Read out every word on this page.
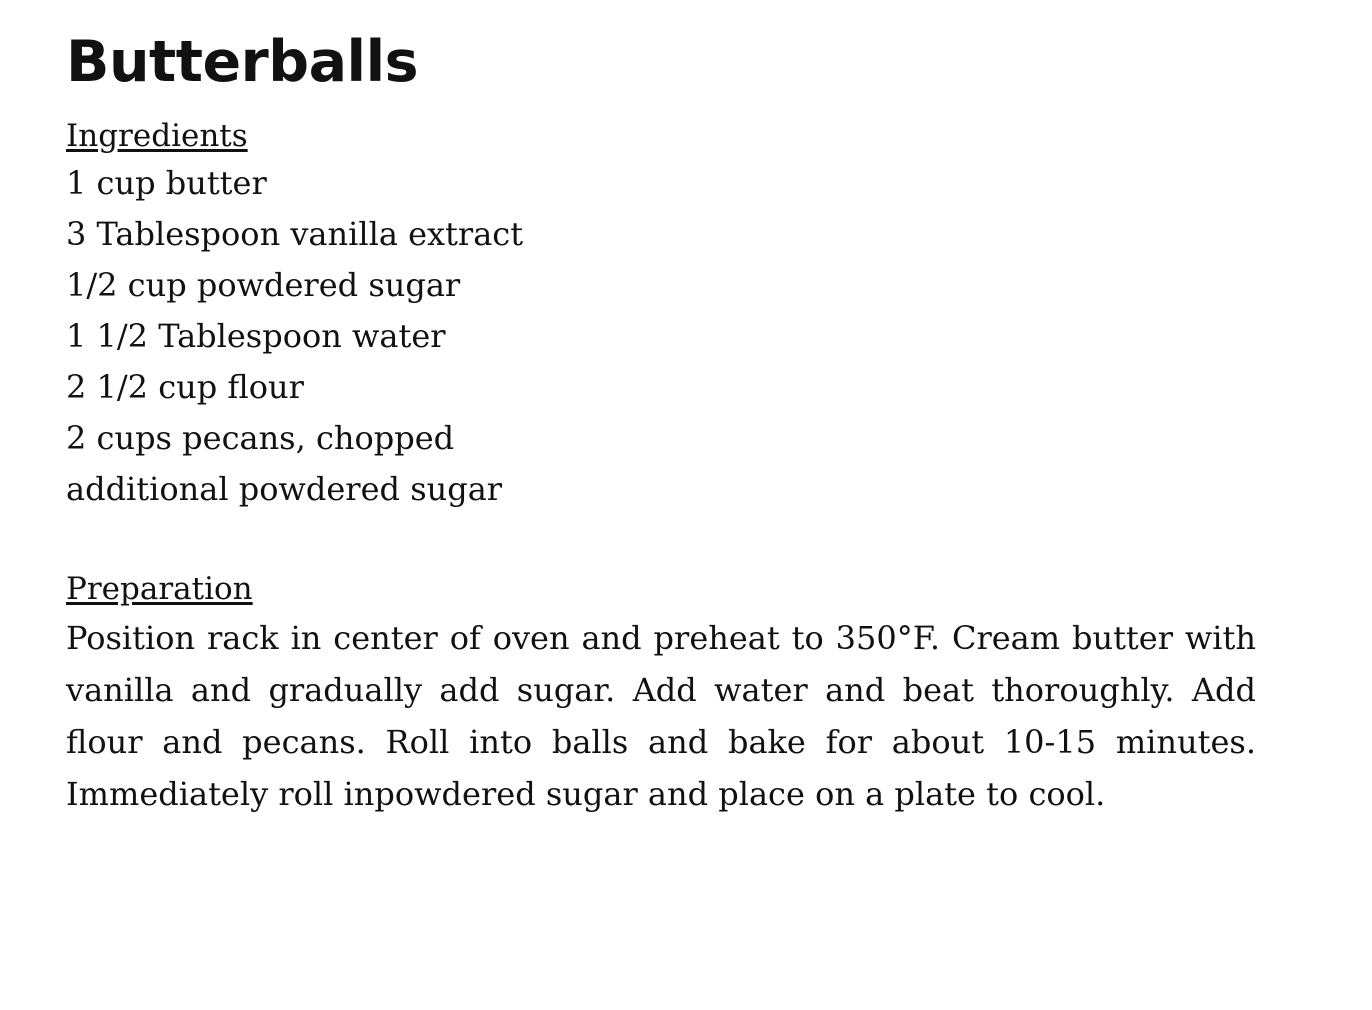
Butterballs
Ingredients
1 cup butter
3 Tablespoon vanilla extract
1/2 cup powdered sugar
1 1/2 Tablespoon water
2 1/2 cup flour
2 cups pecans, chopped
additional powdered sugar
Preparation

Position rack in center of oven and preheat to 350°F. Cream butter with vanilla and gradually add sugar. Add water and beat thoroughly. Add flour and pecans. Roll into balls and bake for about 10-15 minutes. Immediately roll inpowdered sugar and place on a plate to cool.
